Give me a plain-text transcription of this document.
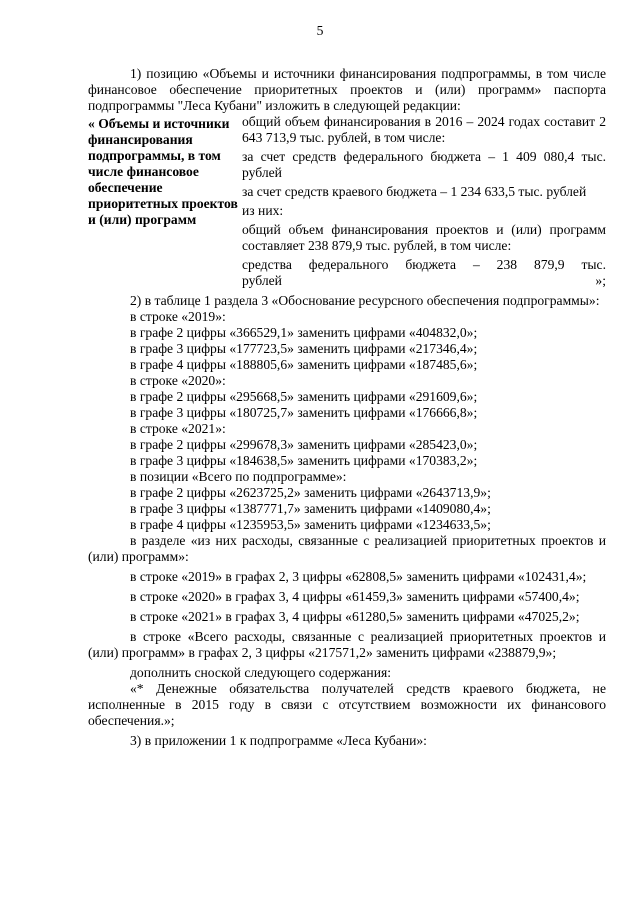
5

1) позицию «Объемы и источники финансирования подпрограммы, в том числе финансовое обеспечение приоритетных проектов и (или) программ» паспорта подпрограммы "Леса Кубани" изложить в следующей редакции:

« Объемы и источники финансирования подпрограммы, в том числе финансовое обеспечение приоритетных проектов и (или) программ

общий объем финансирования в 2016 – 2024 годах составит 2 643 713,9 тыс. рублей, в том числе:

за счет средств федерального бюджета – 1 409 080,4 тыс. рублей

за счет средств краевого бюджета – 1 234 633,5 тыс. рублей

из них:

общий объем финансирования проектов и (или) программ составляет 238 879,9 тыс. рублей, в том числе:

средства федерального бюджета – 238 879,9 тыс.

рублей	»;

2) в таблице 1 раздела 3 «Обоснование ресурсного обеспечения подпрограммы»:

в строке «2019»:

в графе 2 цифры «366529,1» заменить цифрами «404832,0»;

в графе 3 цифры «177723,5» заменить цифрами «217346,4»;

в графе 4 цифры «188805,6» заменить цифрами «187485,6»;

в строке «2020»:

в графе 2 цифры «295668,5» заменить цифрами «291609,6»;

в графе 3 цифры «180725,7» заменить цифрами «176666,8»;

в строке «2021»:

в графе 2 цифры «299678,3» заменить цифрами «285423,0»;

в графе 3 цифры «184638,5» заменить цифрами «170383,2»;

в позиции «Всего по подпрограмме»:

в графе 2 цифры «2623725,2» заменить цифрами «2643713,9»;

в графе 3 цифры «1387771,7» заменить цифрами «1409080,4»;

в графе 4 цифры «1235953,5» заменить цифрами «1234633,5»;

в разделе «из них расходы, связанные с реализацией приоритетных проектов и (или) программ»:

в строке «2019» в графах 2, 3 цифры «62808,5» заменить цифрами «102431,4»;

в строке «2020» в графах 3, 4 цифры «61459,3» заменить цифрами «57400,4»;

в строке «2021» в графах 3, 4 цифры «61280,5» заменить цифрами «47025,2»;

в строке «Всего расходы, связанные с реализацией приоритетных проектов и (или) программ» в графах 2, 3 цифры «217571,2» заменить цифрами «238879,9»;

дополнить сноской следующего содержания:

«* Денежные обязательства получателей средств краевого бюджета, не исполненные в 2015 году в связи с отсутствием возможности их финансового обеспечения.»;

3) в приложении 1 к подпрограмме «Леса Кубани»:
